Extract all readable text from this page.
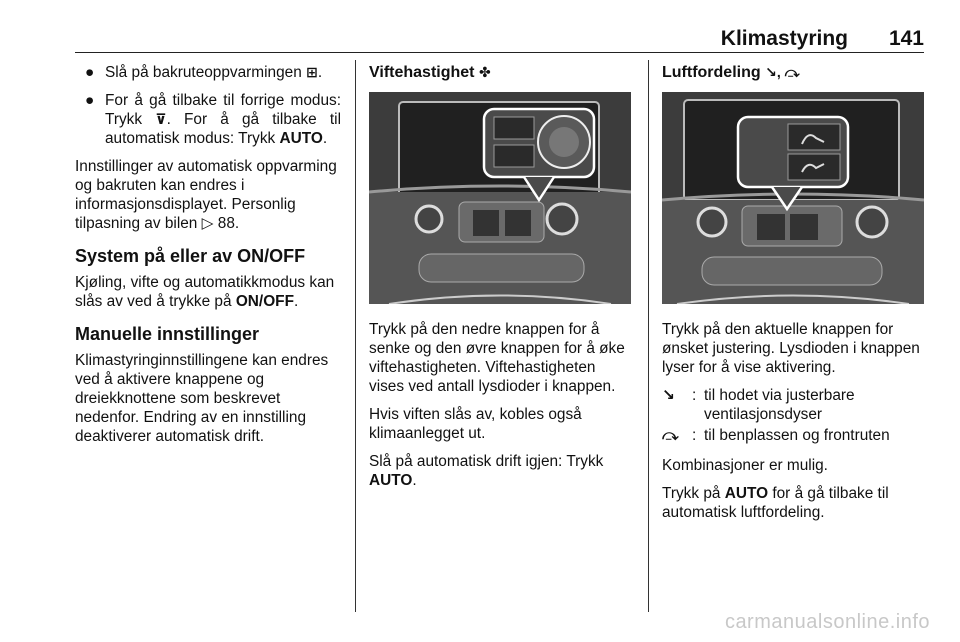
Klimastyring 141
● Slå på bakruteoppvarmingen ⊞.
● For å gå tilbake til forrige modus: Trykk ⊽. For å gå tilbake til automatisk modus: Trykk AUTO.

Innstillinger av automatisk oppvarming og bakruten kan endres i informasjonsdisplayet. Personlig tilpasning av bilen ▷ 88.

System på eller av ON/OFF

Kjøling, vifte og automatikkmodus kan slås av ved å trykke på ON/OFF.

Manuelle innstillinger

Klimastyringinnstillingene kan endres ved å aktivere knappene og dreiekknottene som beskrevet nedenfor. Endring av en innstilling deaktiverer automatisk drift.

Viftehastighet ✤

Trykk på den nedre knappen for å senke og den øvre knappen for å øke viftehastigheten. Viftehastigheten vises ved antall lysdioder i knappen.

Hvis viften slås av, kobles også klimaanlegget ut.

Slå på automatisk drift igjen: Trykk AUTO.

Luftfordeling ↘, ⤼

Trykk på den aktuelle knappen for ønsket justering. Lysdioden i knappen lyser for å vise aktivering.

↘	: til hodet via justerbare ventilasjonsdyser
⤼ : til benplassen og frontruten

Kombinasjoner er mulig.

Trykk på AUTO for å gå tilbake til automatisk luftfordeling.

carmanualsonline.info
